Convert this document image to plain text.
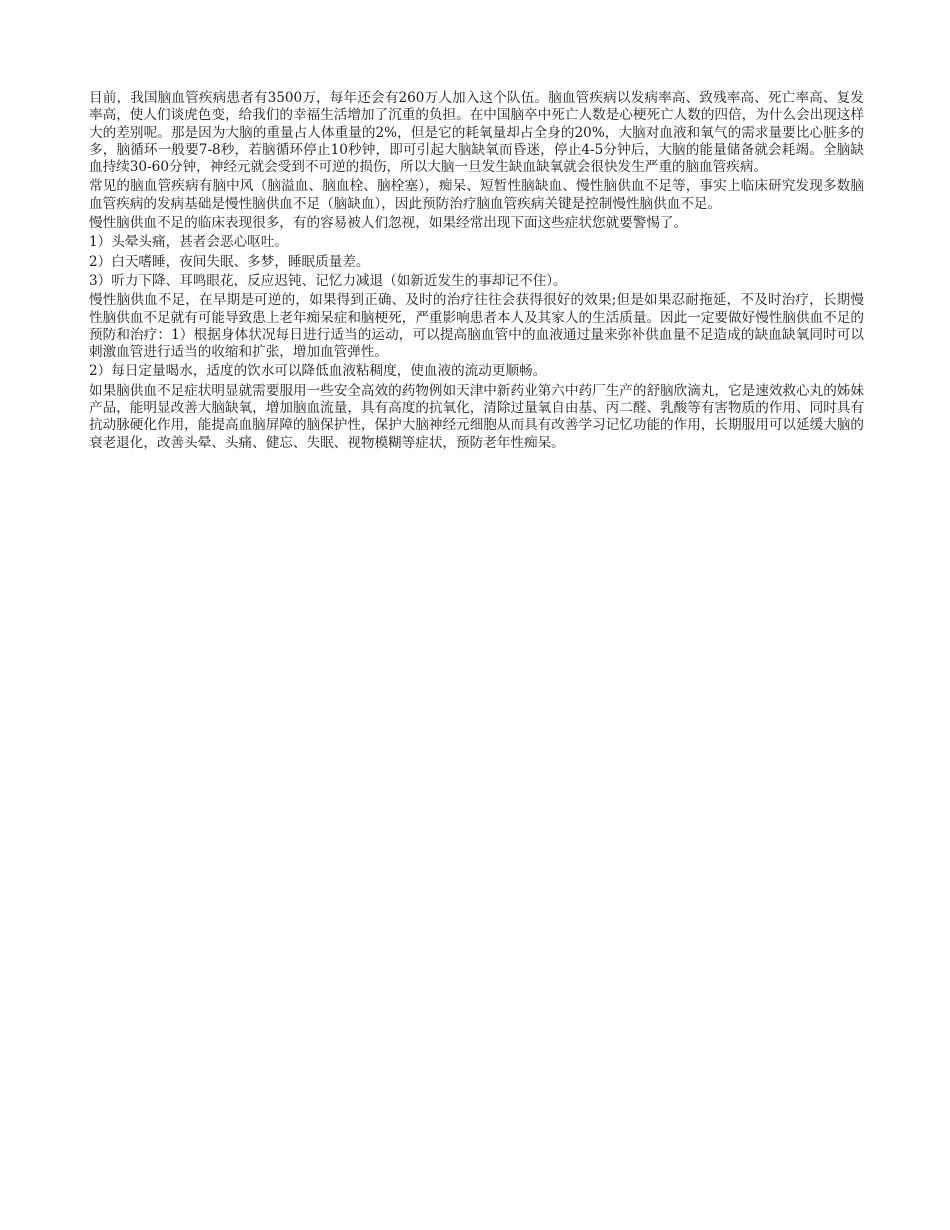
目前，我国脑血管疾病患者有3500万，每年还会有260万人加入这个队伍。脑血管疾病以发病率高、致残率高、死亡率高、复发率高，使人们谈虎色变，给我们的幸福生活增加了沉重的负担。在中国脑卒中死亡人数是心梗死亡人数的四倍，为什么会出现这样大的差别呢。那是因为大脑的重量占人体重量的2%，但是它的耗氧量却占全身的20%，大脑对血液和氧气的需求量要比心脏多的多，脑循环一般要7-8秒，若脑循环停止10秒钟，即可引起大脑缺氧而昏迷，停止4-5分钟后，大脑的能量储备就会耗竭。全脑缺血持续30-60分钟，神经元就会受到不可逆的损伤，所以大脑一旦发生缺血缺氧就会很快发生严重的脑血管疾病。

常见的脑血管疾病有脑中风（脑溢血、脑血栓、脑栓塞），痴呆、短暂性脑缺血、慢性脑供血不足等，事实上临床研究发现多数脑血管疾病的发病基础是慢性脑供血不足（脑缺血），因此预防治疗脑血管疾病关键是控制慢性脑供血不足。

慢性脑供血不足的临床表现很多，有的容易被人们忽视，如果经常出现下面这些症状您就要警惕了。

1）头晕头痛，甚者会恶心呕吐。

2）白天嗜睡，夜间失眠、多梦，睡眠质量差。

3）听力下降、耳鸣眼花，反应迟钝、记忆力减退（如新近发生的事却记不住）。

慢性脑供血不足，在早期是可逆的，如果得到正确、及时的治疗往往会获得很好的效果;但是如果忍耐拖延，不及时治疗，长期慢性脑供血不足就有可能导致患上老年痴呆症和脑梗死，严重影响患者本人及其家人的生活质量。因此一定要做好慢性脑供血不足的预防和治疗：1）根据身体状况每日进行适当的运动，可以提高脑血管中的血液通过量来弥补供血量不足造成的缺血缺氧同时可以刺激血管进行适当的收缩和扩张，增加血管弹性。

2）每日定量喝水，适度的饮水可以降低血液粘稠度，使血液的流动更顺畅。

如果脑供血不足症状明显就需要服用一些安全高效的药物例如天津中新药业第六中药厂生产的舒脑欣滴丸，它是速效救心丸的姊妹产品，能明显改善大脑缺氧，增加脑血流量，具有高度的抗氧化，清除过量氧自由基、丙二醛、乳酸等有害物质的作用、同时具有抗动脉硬化作用，能提高血脑屏障的脑保护性，保护大脑神经元细胞从而具有改善学习记忆功能的作用，长期服用可以延缓大脑的衰老退化，改善头晕、头痛、健忘、失眠、视物模糊等症状，预防老年性痴呆。
